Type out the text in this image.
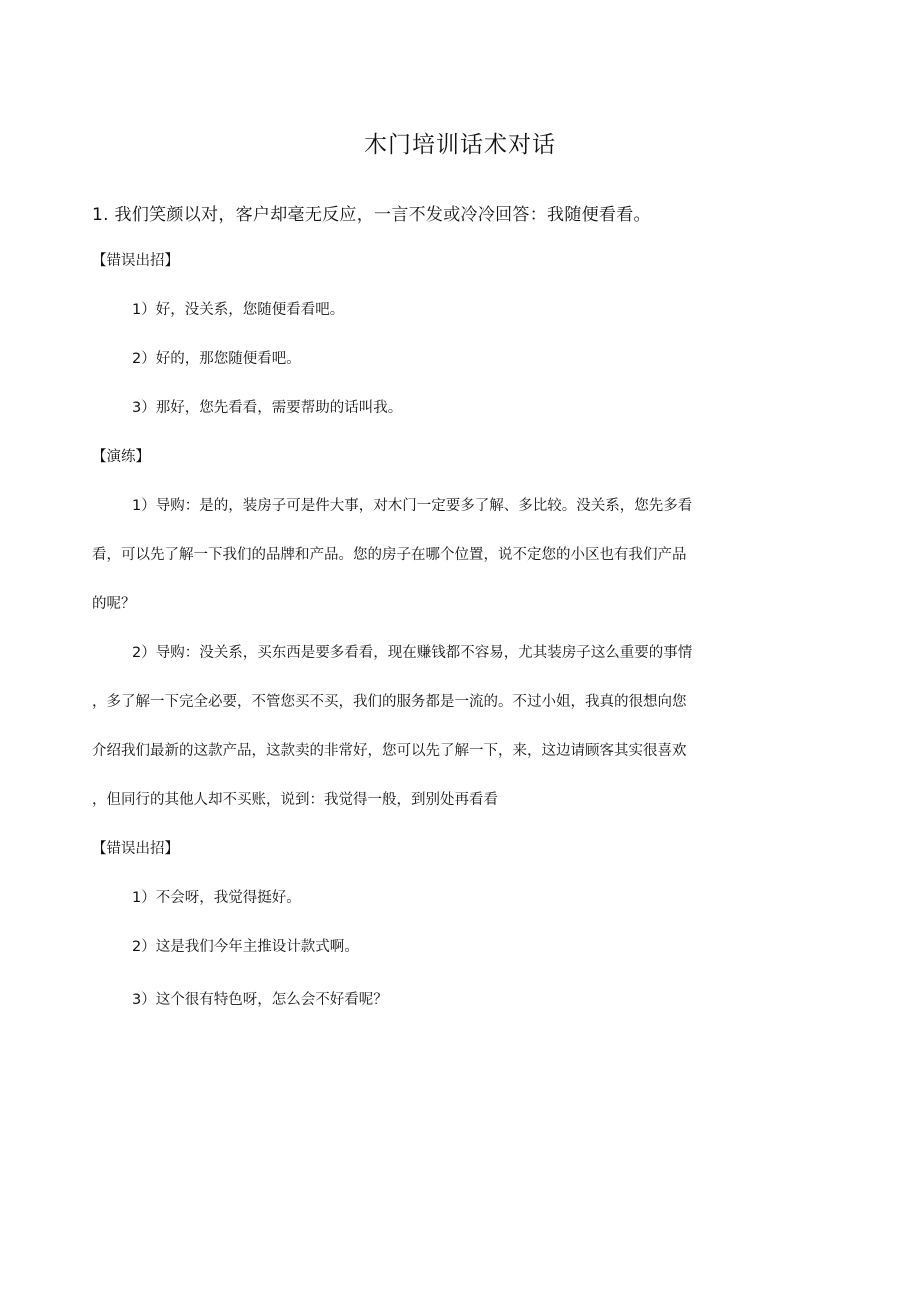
木门培训话术对话
1. 我们笑颜以对，客户却毫无反应，一言不发或冷冷回答：我随便看看。
【错误出招】
1）好，没关系，您随便看看吧。
2）好的，那您随便看吧。
3）那好，您先看看，需要帮助的话叫我。
【演练】
1）导购：是的，装房子可是件大事，对木门一定要多了解、多比较。没关系，您先多看
看，可以先了解一下我们的品牌和产品。您的房子在哪个位置，说不定您的小区也有我们产品
的呢？
2）导购：没关系，买东西是要多看看，现在赚钱都不容易，尤其装房子这么重要的事情
，多了解一下完全必要，不管您买不买，我们的服务都是一流的。不过小姐，我真的很想向您
介绍我们最新的这款产品，这款卖的非常好，您可以先了解一下，来，这边请顾客其实很喜欢
，但同行的其他人却不买账，说到：我觉得一般，到别处再看看
【错误出招】
1）不会呀，我觉得挺好。
2）这是我们今年主推设计款式啊。
3）这个很有特色呀，怎么会不好看呢？
